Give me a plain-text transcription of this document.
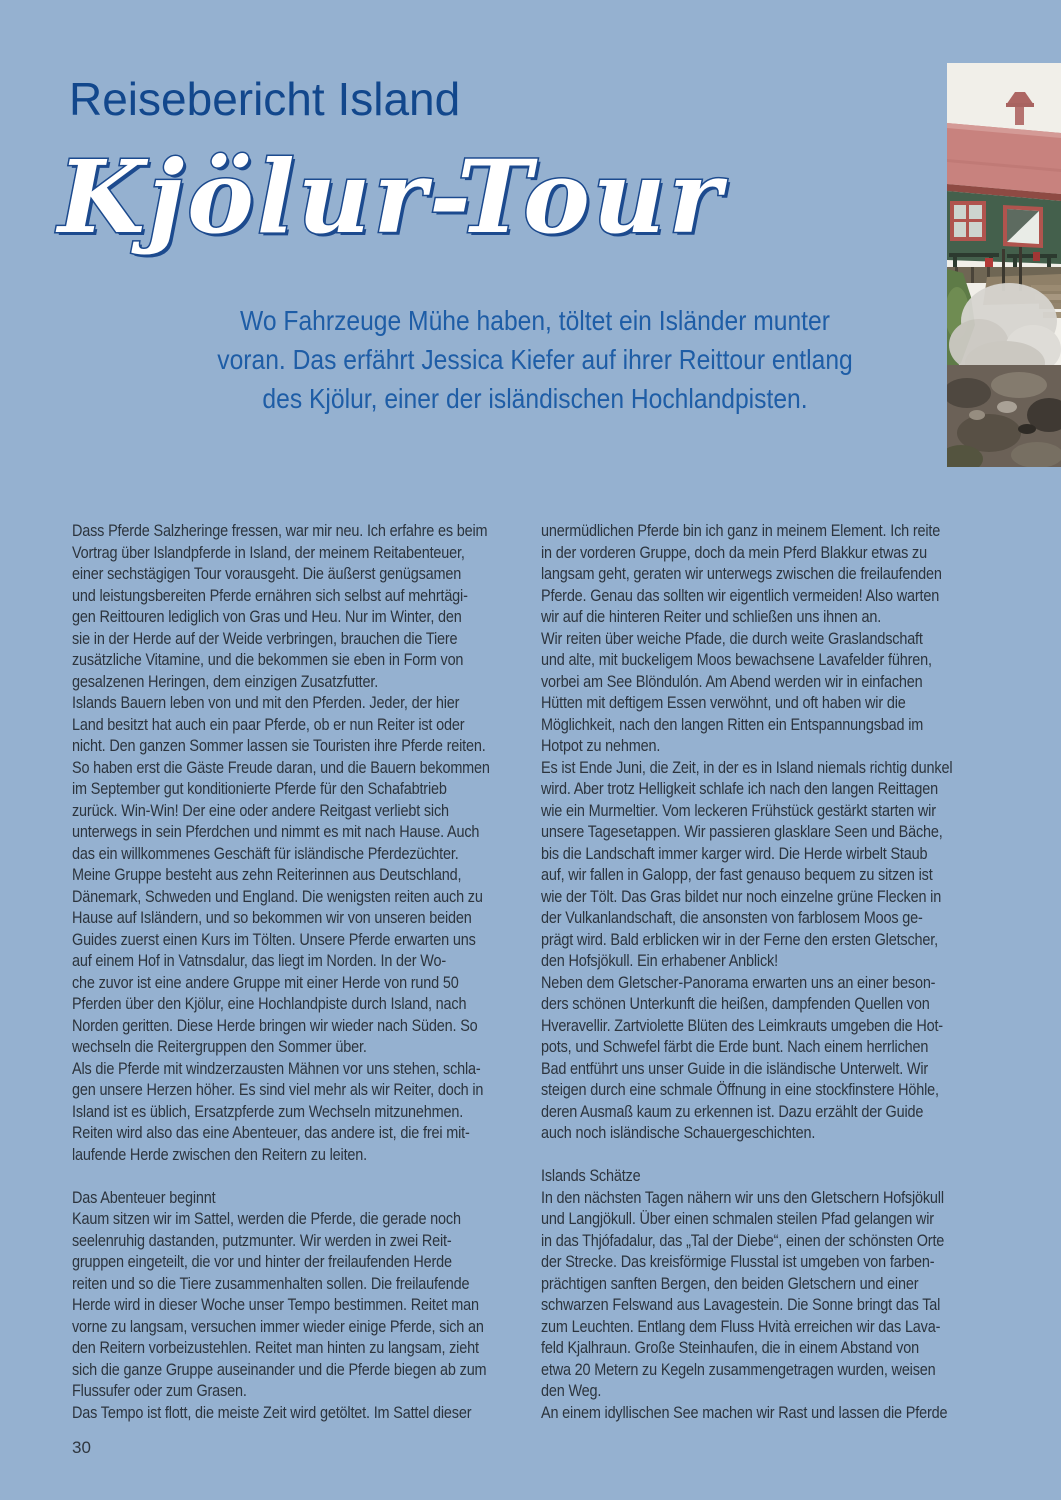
Reisebericht Island
Kjölur-Tour
Wo Fahrzeuge Mühe haben, töltet ein Isländer munter
voran. Das erfährt Jessica Kiefer auf ihrer Reittour entlang
des Kjölur, einer der isländischen Hochlandpisten.
Dass Pferde Salzheringe fressen, war mir neu. Ich erfahre es beim
Vortrag über Islandpferde in Island, der meinem Reitabenteuer,
einer sechstägigen Tour vorausgeht. Die äußerst genügsamen
und leistungsbereiten Pferde ernähren sich selbst auf mehrtägi-
gen Reittouren lediglich von Gras und Heu. Nur im Winter, den
sie in der Herde auf der Weide verbringen, brauchen die Tiere
zusätzliche Vitamine, und die bekommen sie eben in Form von
gesalzenen Heringen, dem einzigen Zusatzfutter.
Islands Bauern leben von und mit den Pferden. Jeder, der hier
Land besitzt hat auch ein paar Pferde, ob er nun Reiter ist oder
nicht. Den ganzen Sommer lassen sie Touristen ihre Pferde reiten.
So haben erst die Gäste Freude daran, und die Bauern bekommen
im September gut konditionierte Pferde für den Schafabtrieb
zurück. Win-Win! Der eine oder andere Reitgast verliebt sich
unterwegs in sein Pferdchen und nimmt es mit nach Hause. Auch
das ein willkommenes Geschäft für isländische Pferdezüchter.
Meine Gruppe besteht aus zehn Reiterinnen aus Deutschland,
Dänemark, Schweden und England. Die wenigsten reiten auch zu
Hause auf Isländern, und so bekommen wir von unseren beiden
Guides zuerst einen Kurs im Tölten. Unsere Pferde erwarten uns
auf einem Hof in Vatnsdalur, das liegt im Norden. In der Wo-
che zuvor ist eine andere Gruppe mit einer Herde von rund 50
Pferden über den Kjölur, eine Hochlandpiste durch Island, nach
Norden geritten. Diese Herde bringen wir wieder nach Süden. So
wechseln die Reitergruppen den Sommer über.
Als die Pferde mit windzerzausten Mähnen vor uns stehen, schla-
gen unsere Herzen höher. Es sind viel mehr als wir Reiter, doch in
Island ist es üblich, Ersatzpferde zum Wechseln mitzunehmen.
Reiten wird also das eine Abenteuer, das andere ist, die frei mit-
laufende Herde zwischen den Reitern zu leiten.

Das Abenteuer beginnt
Kaum sitzen wir im Sattel, werden die Pferde, die gerade noch
seelenruhig dastanden, putzmunter. Wir werden in zwei Reit-
gruppen eingeteilt, die vor und hinter der freilaufenden Herde
reiten und so die Tiere zusammenhalten sollen. Die freilaufende
Herde wird in dieser Woche unser Tempo bestimmen. Reitet man
vorne zu langsam, versuchen immer wieder einige Pferde, sich an
den Reitern vorbeizustehlen. Reitet man hinten zu langsam, zieht
sich die ganze Gruppe auseinander und die Pferde biegen ab zum
Flussufer oder zum Grasen.
Das Tempo ist flott, die meiste Zeit wird getöltet. Im Sattel dieser
unermüdlichen Pferde bin ich ganz in meinem Element. Ich reite
in der vorderen Gruppe, doch da mein Pferd Blakkur etwas zu
langsam geht, geraten wir unterwegs zwischen die freilaufenden
Pferde. Genau das sollten wir eigentlich vermeiden! Also warten
wir auf die hinteren Reiter und schließen uns ihnen an.
Wir reiten über weiche Pfade, die durch weite Graslandschaft
und alte, mit buckeligem Moos bewachsene Lavafelder führen,
vorbei am See Blöndulón. Am Abend werden wir in einfachen
Hütten mit deftigem Essen verwöhnt, und oft haben wir die
Möglichkeit, nach den langen Ritten ein Entspannungsbad im
Hotpot zu nehmen.
Es ist Ende Juni, die Zeit, in der es in Island niemals richtig dunkel
wird. Aber trotz Helligkeit schlafe ich nach den langen Reittagen
wie ein Murmeltier. Vom leckeren Frühstück gestärkt starten wir
unsere Tagesetappen. Wir passieren glasklare Seen und Bäche,
bis die Landschaft immer karger wird. Die Herde wirbelt Staub
auf, wir fallen in Galopp, der fast genauso bequem zu sitzen ist
wie der Tölt. Das Gras bildet nur noch einzelne grüne Flecken in
der Vulkanlandschaft, die ansonsten von farblosem Moos ge-
prägt wird. Bald erblicken wir in der Ferne den ersten Gletscher,
den Hofsjökull. Ein erhabener Anblick!
Neben dem Gletscher-Panorama erwarten uns an einer beson-
ders schönen Unterkunft die heißen, dampfenden Quellen von
Hveravellir. Zartviolette Blüten des Leimkrauts umgeben die Hot-
pots, und Schwefel färbt die Erde bunt. Nach einem herrlichen
Bad entführt uns unser Guide in die isländische Unterwelt. Wir
steigen durch eine schmale Öffnung in eine stockfinstere Höhle,
deren Ausmaß kaum zu erkennen ist. Dazu erzählt der Guide
auch noch isländische Schauergeschichten.

Islands Schätze
In den nächsten Tagen nähern wir uns den Gletschern Hofsjökull
und Langjökull. Über einen schmalen steilen Pfad gelangen wir
in das Thjófadalur, das „Tal der Diebe“, einen der schönsten Orte
der Strecke. Das kreisförmige Flusstal ist umgeben von farben-
prächtigen sanften Bergen, den beiden Gletschern und einer
schwarzen Felswand aus Lavagestein. Die Sonne bringt das Tal
zum Leuchten. Entlang dem Fluss Hvità erreichen wir das Lava-
feld Kjalhraun. Große Steinhaufen, die in einem Abstand von
etwa 20 Metern zu Kegeln zusammengetragen wurden, weisen
den Weg.
An einem idyllischen See machen wir Rast und lassen die Pferde
30
